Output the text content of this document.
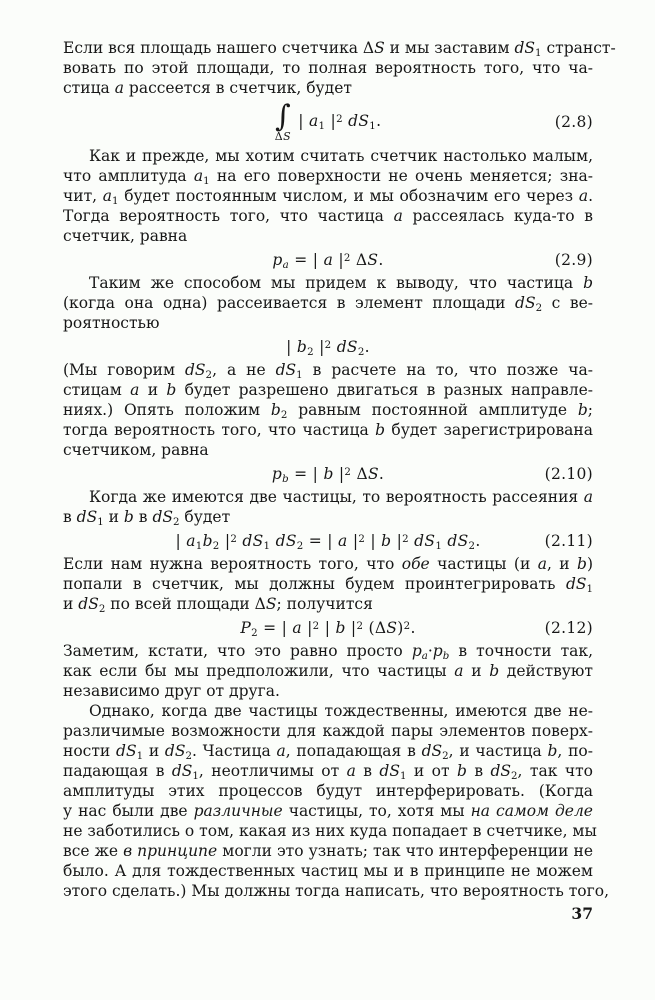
Если вся площадь нашего счетчика ΔS и мы заставим $dS_1$ странст-
вовать по этой площади, то полная вероятность того, что ча-
стица a рассеется в счетчик, будет
∫
ΔS
| $a_1$ $|^2$ $dS_1$.	(2.8)
Как и прежде, мы хотим считать счетчик настолько малым,
что амплитуда $a_1$ на его поверхности не очень меняется; зна-
чит, $a_1$ будет постоянным числом, и мы обозначим его через a.
Тогда вероятность того, что частица a рассеялась куда-то в
счетчик, равна
$p_a$ = | a $|^2$ ΔS.	(2.9)
Таким же способом мы придем к выводу, что частица b
(когда она одна) рассеивается в элемент площади $dS_2$ с ве-
роятностью
| $b_2$ $|^2$ $dS_2$.
(Мы говорим $dS_2$, а не $dS_1$ в расчете на то, что позже ча-
стицам a и b будет разрешено двигаться в разных направле-
ниях.) Опять положим $b_2$ равным постоянной амплитуде b;
тогда вероятность того, что частица b будет зарегистрирована
счетчиком, равна
$p_b$ = | b $|^2$ ΔS.	(2.10)
Когда же имеются две частицы, то вероятность рассеяния a
в $dS_1$ и b в $dS_2$ будет
| $a_1b_2$ $|^2$ $dS_1$ $dS_2$ = | a $|^2$ | b $|^2$ $dS_1$ $dS_2$.	(2.11)
Если нам нужна вероятность того, что обе частицы (и a, и b)
попали в счетчик, мы должны будем проинтегрировать $dS_1$
и $dS_2$ по всей площади ΔS; получится
$P_2$ = | a $|^2$ | b $|^2$ $(\Delta S)^2$.	(2.12)
Заметим, кстати, что это равно просто $p_a\cdot p_b$ в точности так,
как если бы мы предположили, что частицы a и b действуют
независимо друг от друга.
Однако, когда две частицы тождественны, имеются две не-
различимые возможности для каждой пары элементов поверх-
ности $dS_1$ и $dS_2$. Частица a, попадающая в $dS_2$, и частица b, по-
падающая в $dS_1$, неотличимы от a в $dS_1$ и от b в $dS_2$, так что
амплитуды этих процессов будут интерферировать. (Когда
у нас были две различные частицы, то, хотя мы на самом деле
не заботились о том, какая из них куда попадает в счетчике, мы
все же в принципе могли это узнать; так что интерференции не
было. А для тождественных частиц мы и в принципе не можем
этого сделать.) Мы должны тогда написать, что вероятность того,
37
